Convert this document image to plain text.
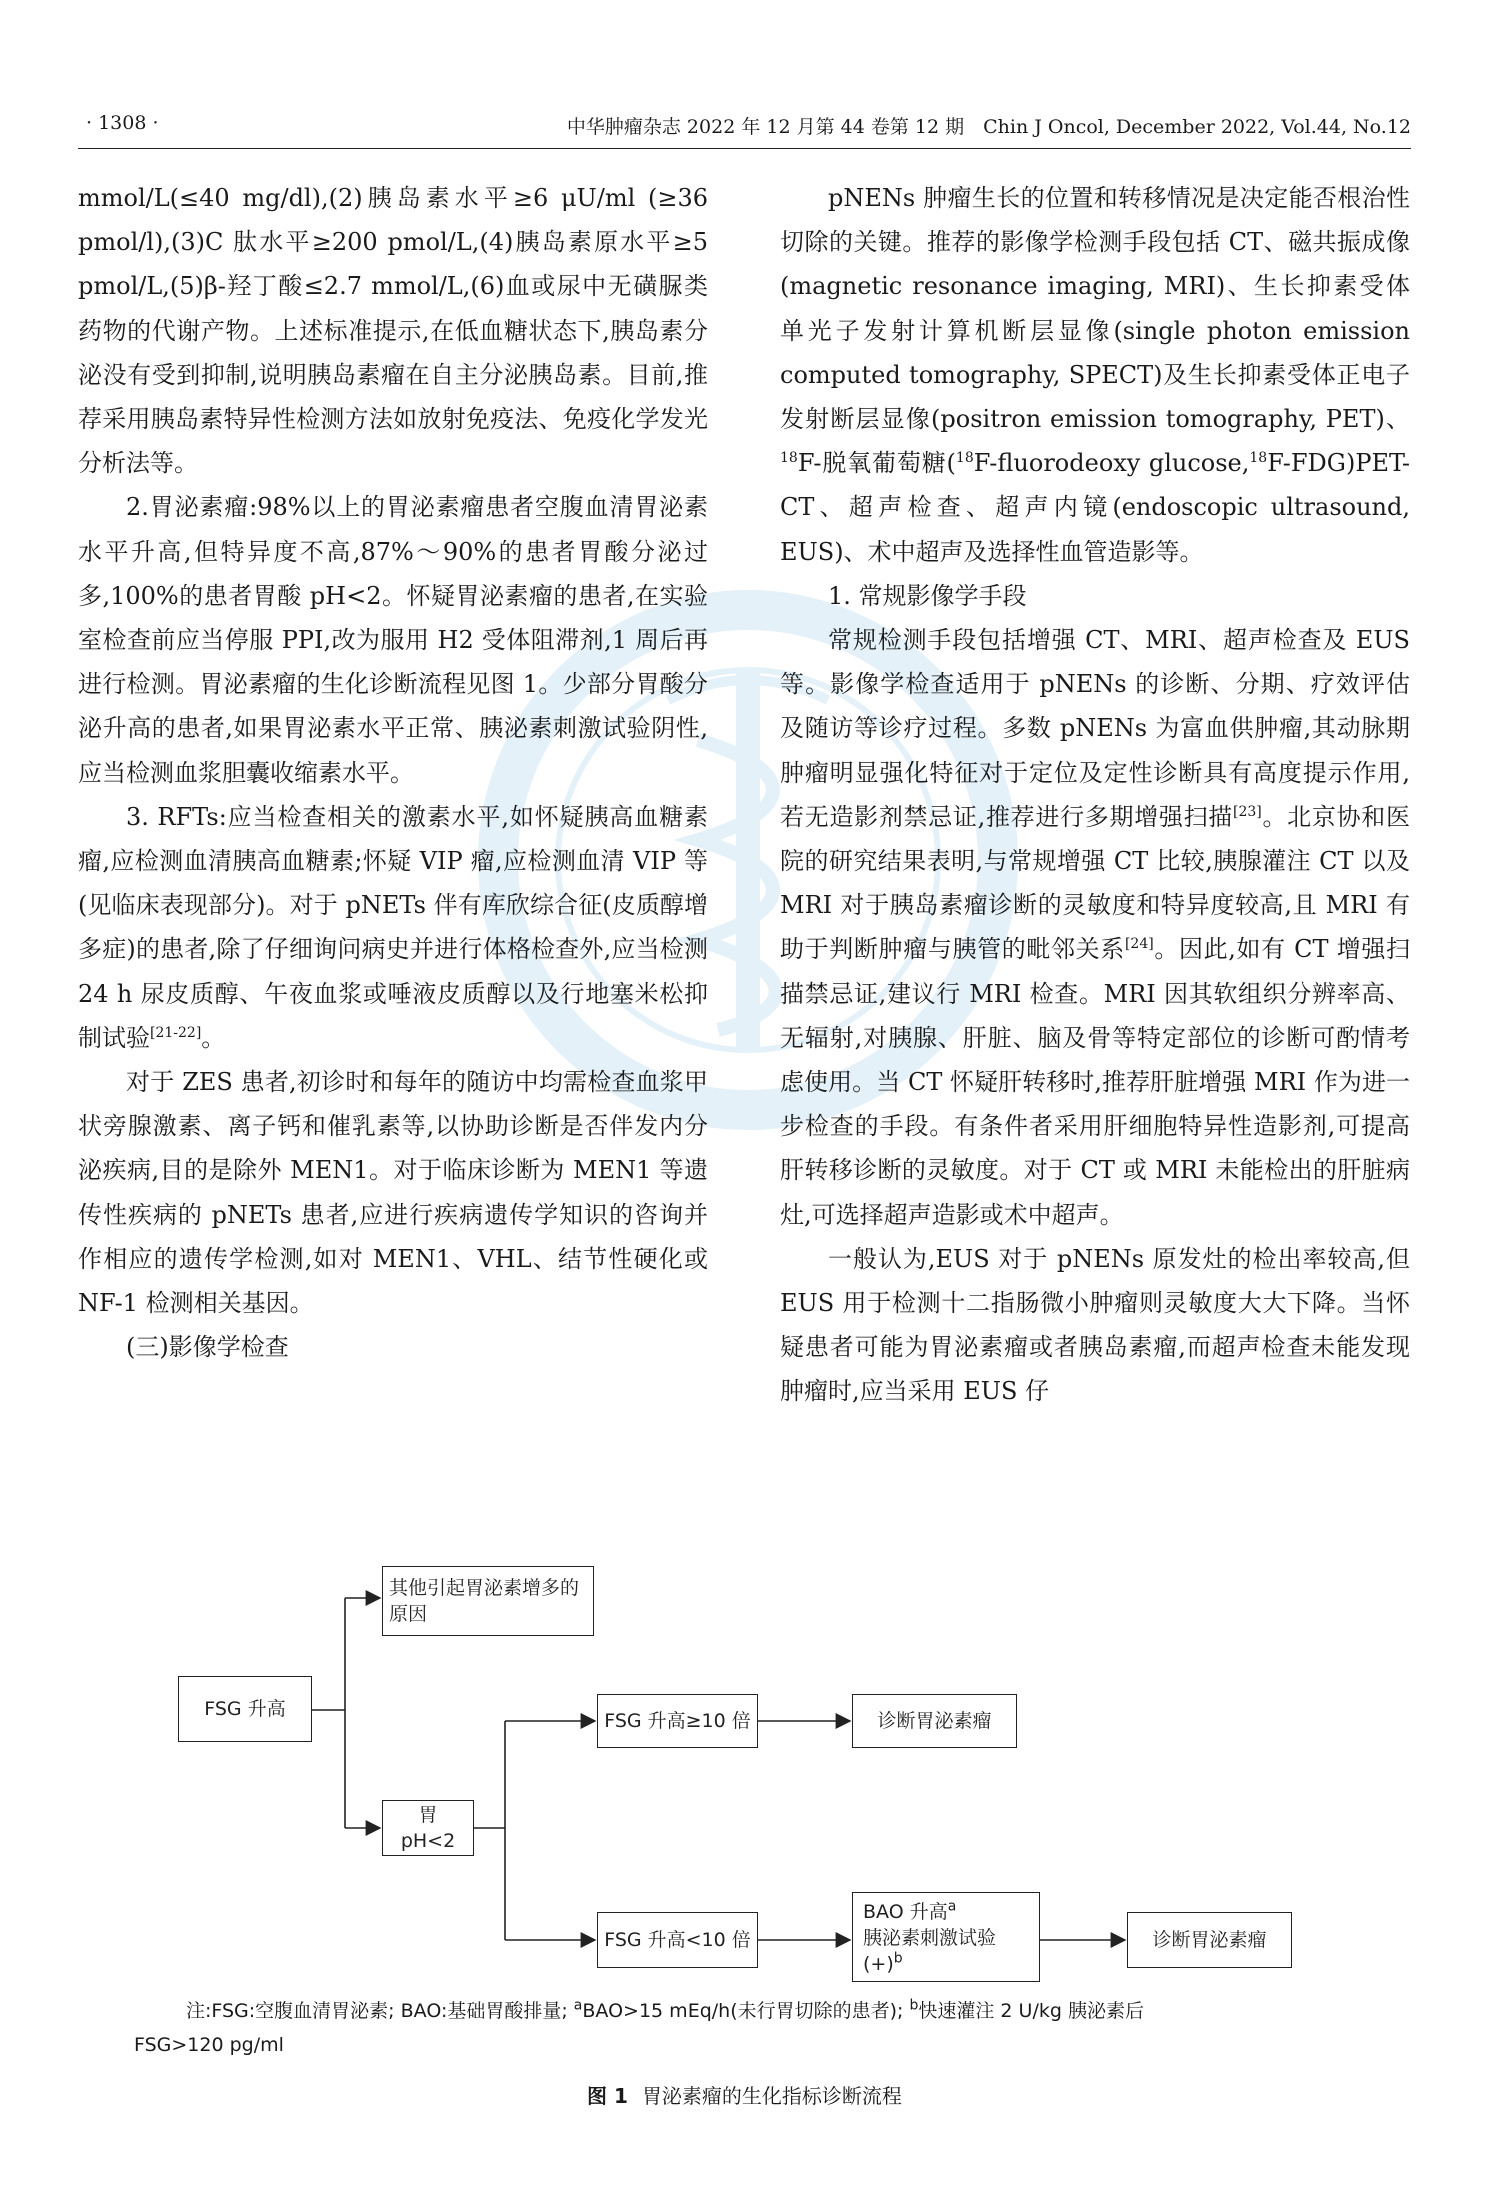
· 1308 ·	中华肿瘤杂志 2022 年 12 月第 44 卷第 12 期　Chin J Oncol, December 2022, Vol.44, No.12

mmol/L(≤40 mg/dl),(2)胰岛素水平≥6 μU/ml (≥36 pmol/l),(3)C 肽水平≥200 pmol/L,(4)胰岛素原水平≥5 pmol/L,(5)β-羟丁酸≤2.7 mmol/L,(6)血或尿中无磺脲类药物的代谢产物。上述标准提示,在低血糖状态下,胰岛素分泌没有受到抑制,说明胰岛素瘤在自主分泌胰岛素。目前,推荐采用胰岛素特异性检测方法如放射免疫法、免疫化学发光分析法等。

2.胃泌素瘤:98%以上的胃泌素瘤患者空腹血清胃泌素水平升高,但特异度不高,87%～90%的患者胃酸分泌过多,100%的患者胃酸 pH<2。怀疑胃泌素瘤的患者,在实验室检查前应当停服 PPI,改为服用 H2 受体阻滞剂,1 周后再进行检测。胃泌素瘤的生化诊断流程见图 1。少部分胃酸分泌升高的患者,如果胃泌素水平正常、胰泌素刺激试验阴性,应当检测血浆胆囊收缩素水平。

3. RFTs:应当检查相关的激素水平,如怀疑胰高血糖素瘤,应检测血清胰高血糖素;怀疑 VIP 瘤,应检测血清 VIP 等(见临床表现部分)。对于 pNETs 伴有库欣综合征(皮质醇增多症)的患者,除了仔细询问病史并进行体格检查外,应当检测 24 h 尿皮质醇、午夜血浆或唾液皮质醇以及行地塞米松抑制试验[21-22]。

对于 ZES 患者,初诊时和每年的随访中均需检查血浆甲状旁腺激素、离子钙和催乳素等,以协助诊断是否伴发内分泌疾病,目的是除外 MEN1。对于临床诊断为 MEN1 等遗传性疾病的 pNETs 患者,应进行疾病遗传学知识的咨询并作相应的遗传学检测,如对 MEN1、VHL、结节性硬化或 NF-1 检测相关基因。

(三)影像学检查

pNENs 肿瘤生长的位置和转移情况是决定能否根治性切除的关键。推荐的影像学检测手段包括 CT、磁共振成像(magnetic resonance imaging, MRI)、生长抑素受体单光子发射计算机断层显像(single photon emission computed tomography, SPECT)及生长抑素受体正电子发射断层显像(positron emission tomography, PET)、$^{18}$F-脱氧葡萄糖($^{18}$F-fluorodeoxy glucose,$^{18}$F-FDG)PET-CT、超声检查、超声内镜(endoscopic ultrasound, EUS)、术中超声及选择性血管造影等。

1. 常规影像学手段

常规检测手段包括增强 CT、MRI、超声检查及 EUS 等。影像学检查适用于 pNENs 的诊断、分期、疗效评估及随访等诊疗过程。多数 pNENs 为富血供肿瘤,其动脉期肿瘤明显强化特征对于定位及定性诊断具有高度提示作用,若无造影剂禁忌证,推荐进行多期增强扫描[23]。北京协和医院的研究结果表明,与常规增强 CT 比较,胰腺灌注 CT 以及 MRI 对于胰岛素瘤诊断的灵敏度和特异度较高,且 MRI 有助于判断肿瘤与胰管的毗邻关系[24]。因此,如有 CT 增强扫描禁忌证,建议行 MRI 检查。MRI 因其软组织分辨率高、无辐射,对胰腺、肝脏、脑及骨等特定部位的诊断可酌情考虑使用。当 CT 怀疑肝转移时,推荐肝脏增强 MRI 作为进一步检查的手段。有条件者采用肝细胞特异性造影剂,可提高肝转移诊断的灵敏度。对于 CT 或 MRI 未能检出的肝脏病灶,可选择超声造影或术中超声。

一般认为,EUS 对于 pNENs 原发灶的检出率较高,但 EUS 用于检测十二指肠微小肿瘤则灵敏度大大下降。当怀疑患者可能为胃泌素瘤或者胰岛素瘤,而超声检查未能发现肿瘤时,应当采用 EUS 仔

FSG 升高
其他引起胃泌素增多的原因
胃 pH<2
FSG 升高≥10 倍	诊断胃泌素瘤
FSG 升高<10 倍
BAO 升高$^a$
胰泌素刺激试验
$(+)^b$
诊断胃泌素瘤
注:FSG:空腹血清胃泌素; BAO:基础胃酸排量; $^a$BAO>15 mEq/h(未行胃切除的患者); $^b$快速灌注 2 U/kg 胰泌素后
FSG>120 pg/ml
图 1 胃泌素瘤的生化指标诊断流程
